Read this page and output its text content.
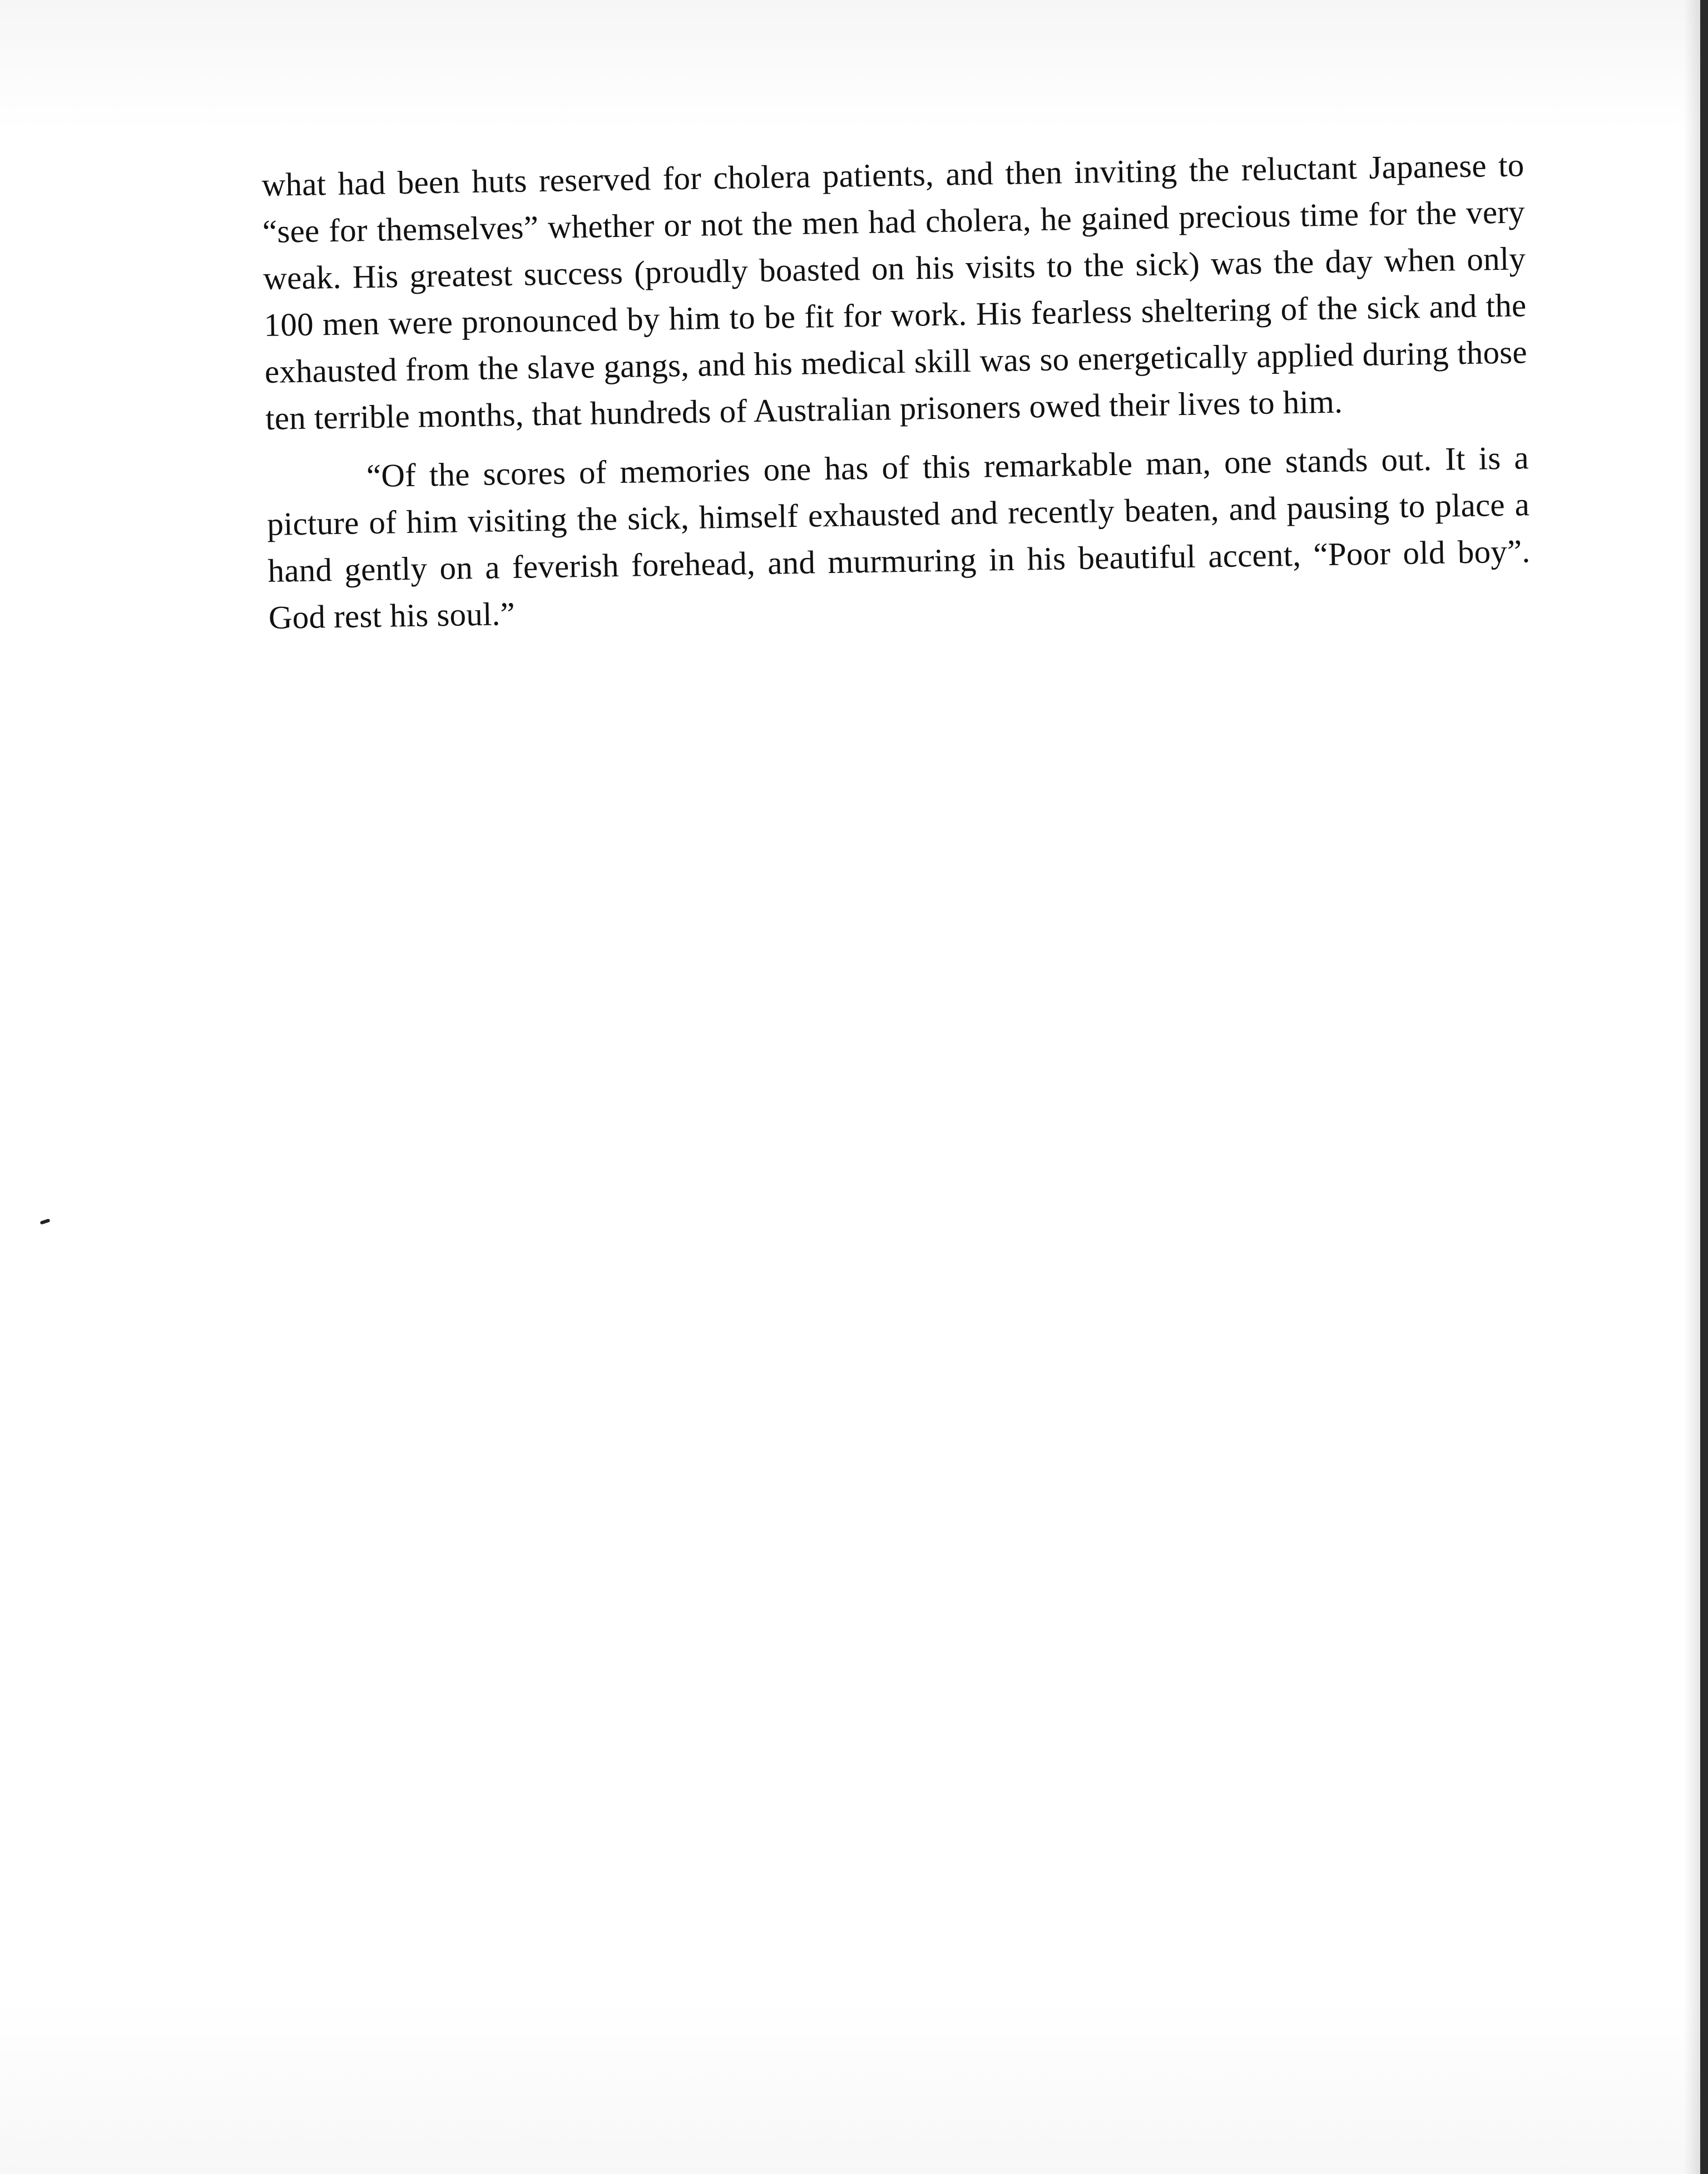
what had been huts reserved for cholera patients, and then inviting the reluctant Japanese to “see for themselves” whether or not the men had cholera, he gained precious time for the very weak. His greatest success (proudly boasted on his visits to the sick) was the day when only 100 men were pronounced by him to be fit for work. His fearless sheltering of the sick and the exhausted from the slave gangs, and his medical skill was so energetically applied during those ten terrible months, that hundreds of Australian prisoners owed their lives to him.

“Of the scores of memories one has of this remarkable man, one stands out. It is a picture of him visiting the sick, himself exhausted and recently beaten, and pausing to place a hand gently on a feverish forehead, and murmuring in his beautiful accent, “Poor old boy”. God rest his soul.”
